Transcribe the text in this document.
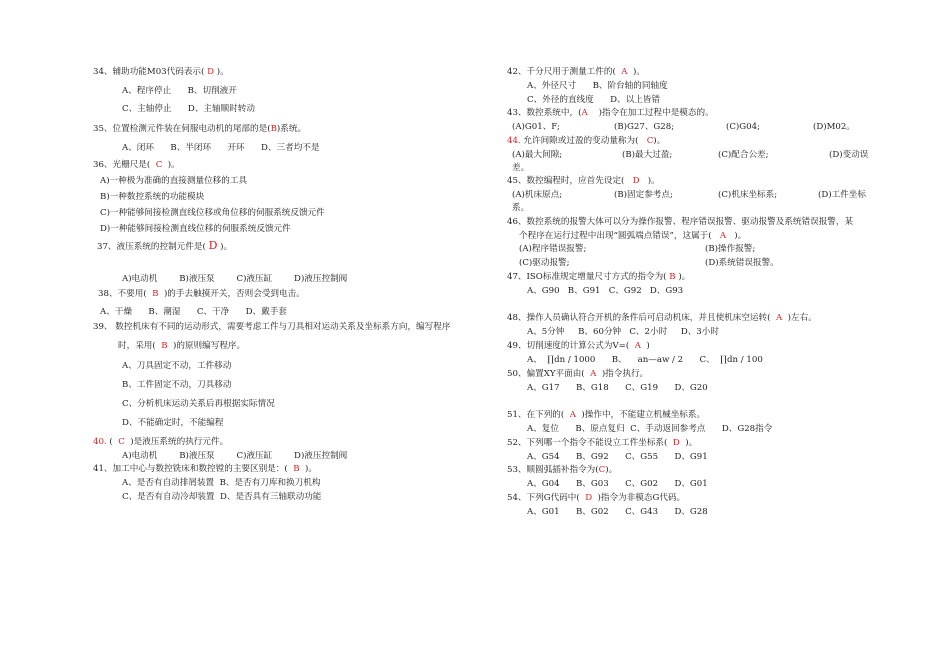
34、辅助功能M03代码表示( D )。
A、程序停止      B、切削液开
C、主轴停止      D、主轴顺时转动
35、位置检测元件装在伺服电动机的尾部的是(B)系统。
A、闭环      B、半闭环      开环      D、三者均不是
36、光栅尺是( C )。
A)一种极为准确的直接测量位移的工具
B)一种数控系统的功能模块
C)一种能够间接检测直线位移或角位移的伺服系统反馈元件
D)一种能够间接检测直线位移的伺服系统反馈元件
37、液压系统的控制元件是( D )。
A)电动机        B)液压泵        C)液压缸        D)液压控制阀
38、不要用( B )的手去触摸开关，否则会受到电击。
A、干燥      B、潮湿      C、干净      D、戴手套
39、 数控机床有不同的运动形式，需要考虑工件与刀具相对运动关系及坐标系方向，编写程序
时，采用( B )的原则编写程序。
A、刀具固定不动，工件移动
B、工件固定不动，刀具移动
C、分析机床运动关系后再根据实际情况
D、不能确定时，不能编程
40. ( C )是液压系统的执行元件。
A)电动机        B)液压泵        C)液压缸        D)液压控制阀
41、加工中心与数控铣床和数控镗的主要区别是：( B )。
A、是否有自动排屑装置  B、是否有刀库和换刀机构
C、是否有自动冷却装置  D、是否具有三轴联动功能
42、千分尺用于测量工件的( A )。
A、外径尺寸      B、阶台轴的同轴度
C、外径的直线度      D、以上皆错
43、数控系统中，(A )指令在加工过程中是模态的。
(A)G01、F;	(B)G27、G28;	(C)G04;	(D)M02。
44. 允许间隙或过盈的变动量称为( C)。
(A)最大间隙;	(B)最大过盈;	(C)配合公差;	(D)变动误
差。
45、数控编程时，应首先设定( D )。
(A)机床原点;	(B)固定参考点;	(C)机床坐标系;	(D)工件坐标
系。
46、数控系统的报警大体可以分为操作报警、程序错误报警、驱动报警及系统错误报警，某
个程序在运行过程中出现“圆弧端点错误”，这属于( A )。
(A)程序错误报警;	(B)操作报警;
(C)驱动报警;	(D)系统错误报警。
47、ISO标准规定增量尺寸方式的指令为( B )。
A、G90   B、G91   C、G92   D、G93
48、操作人员确认符合开机的条件后可启动机床，并且使机床空运转( A )左右。
A、5分钟     B、60分钟   C、2小时     D、3小时
49、切削速度的计算公式为V=( A )
A、  ∏dn / 1000      B、    an—aw / 2      C、  ∏dn / 100
50、偏置XY平面由( A )指令执行。
A、G17      B、G18      C、G19      D、G20
51、在下列的( A )操作中，不能建立机械坐标系。
A、复位      B、原点复归  C、手动返回参考点      D、G28指令
52、下列哪一个指令不能设立工件坐标系( D )。
A、G54      B、G92      C、G55      D、G91
53、顺圆弧插补指令为(C)。
A、G04      B、G03      C、G02      D、G01
54、下列G代码中( D )指令为非模态G代码。
A、G01      B、G02      C、G43      D、G28
